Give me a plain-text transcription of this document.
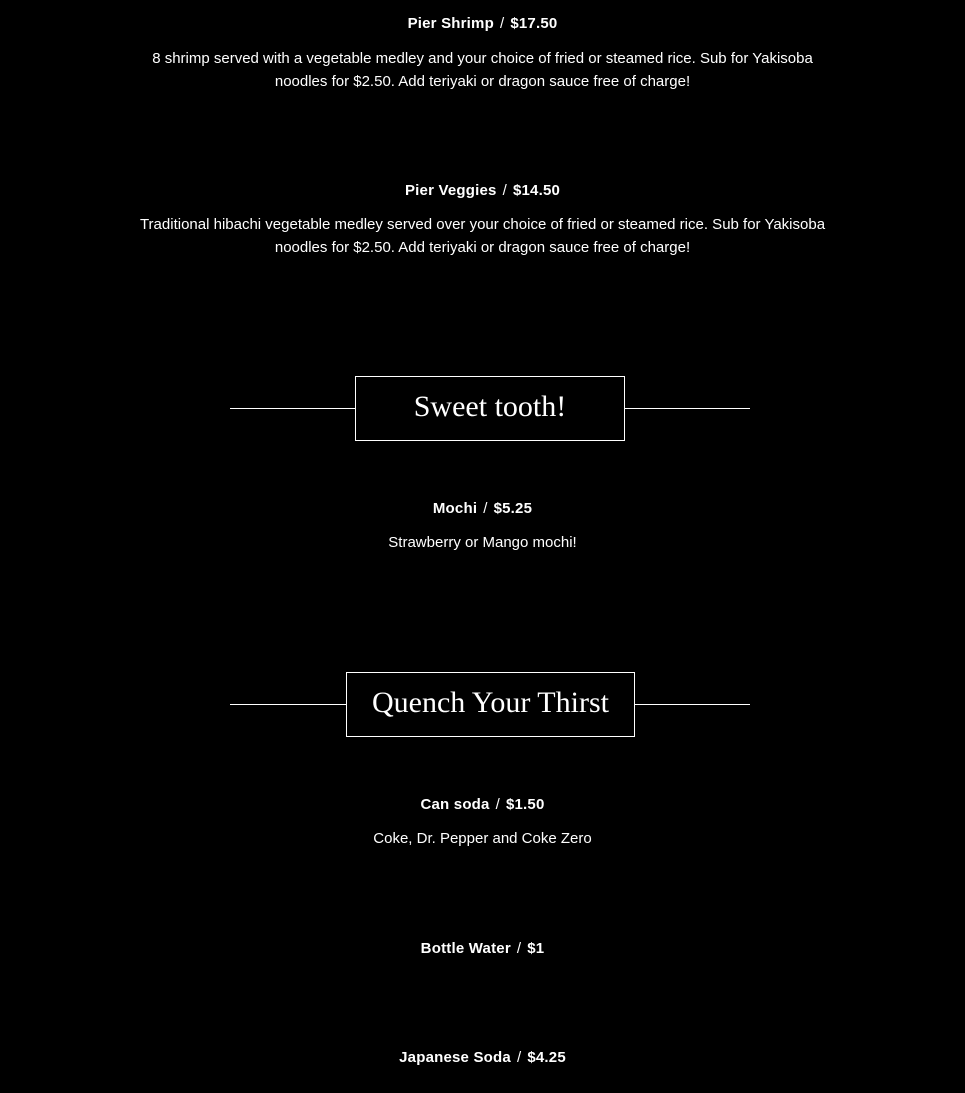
Pier Shrimp / $17.50
8 shrimp served with a vegetable medley and your choice of fried or steamed rice. Sub for Yakisoba
noodles for $2.50. Add teriyaki or dragon sauce free of charge!
Pier Veggies / $14.50
Traditional hibachi vegetable medley served over your choice of fried or steamed rice. Sub for Yakisoba
noodles for $2.50. Add teriyaki or dragon sauce free of charge!
Sweet tooth!
Mochi / $5.25
Strawberry or Mango mochi!
Quench Your Thirst
Can soda / $1.50
Coke, Dr. Pepper and Coke Zero
Bottle Water / $1
Japanese Soda / $4.25
